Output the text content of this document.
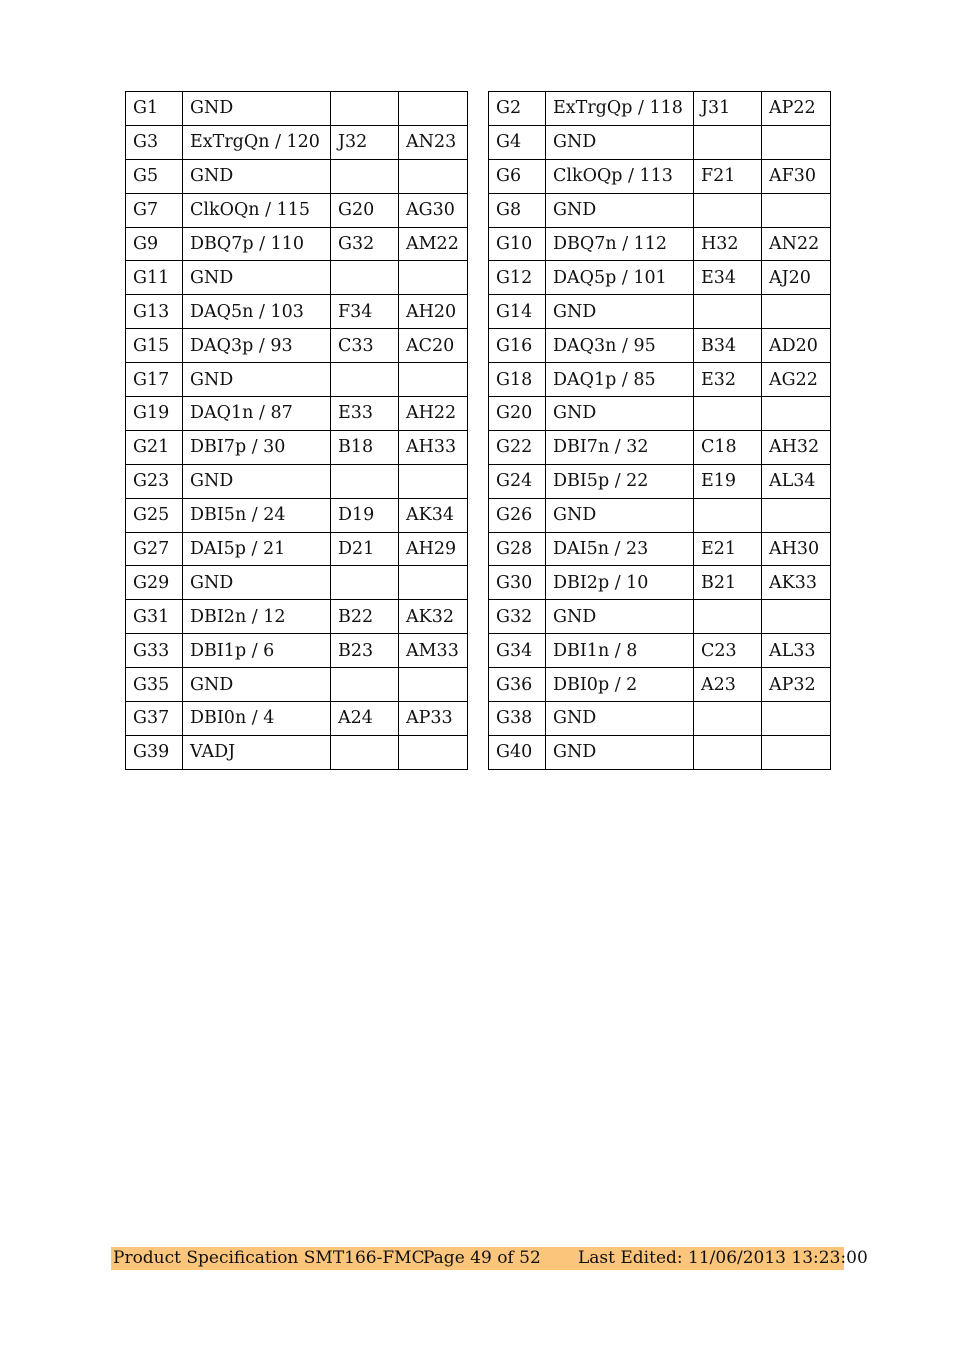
G1	GND		
G3	ExTrgQn / 120	J32	AN23
G5	GND		
G7	ClkOQn / 115	G20	AG30
G9	DBQ7p / 110	G32	AM22
G11	GND		
G13	DAQ5n / 103	F34	AH20
G15	DAQ3p / 93	C33	AC20
G17	GND		
G19	DAQ1n / 87	E33	AH22
G21	DBI7p / 30	B18	AH33
G23	GND		
G25	DBI5n / 24	D19	AK34
G27	DAI5p / 21	D21	AH29
G29	GND		
G31	DBI2n / 12	B22	AK32
G33	DBI1p / 6	B23	AM33
G35	GND		
G37	DBI0n / 4	A24	AP33
G39	VADJ		
G2	ExTrgQp / 118	J31	AP22
G4	GND		
G6	ClkOQp / 113	F21	AF30
G8	GND		
G10	DBQ7n / 112	H32	AN22
G12	DAQ5p / 101	E34	AJ20
G14	GND		
G16	DAQ3n / 95	B34	AD20
G18	DAQ1p / 85	E32	AG22
G20	GND		
G22	DBI7n / 32	C18	AH32
G24	DBI5p / 22	E19	AL34
G26	GND		
G28	DAI5n / 23	E21	AH30
G30	DBI2p / 10	B21	AK33
G32	GND		
G34	DBI1n / 8	C23	AL33
G36	DBI0p / 2	A23	AP32
G38	GND		
G40	GND		
Product Specification SMT166-FMC
Page 49 of 52 Last Edited: 11/06/2013 13:23:00
